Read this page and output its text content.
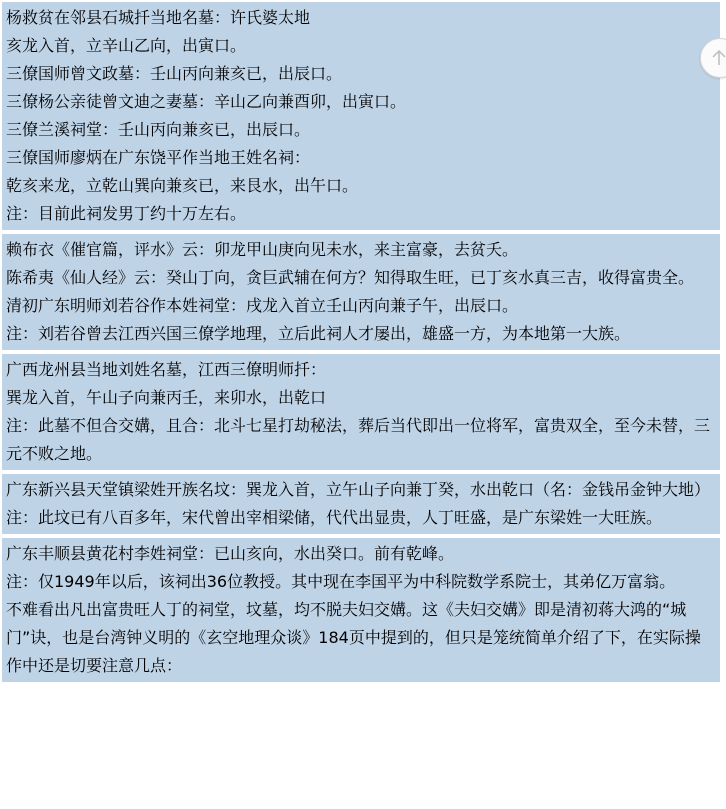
杨救贫在邻县石城扦当地名墓：许氏婆太地
亥龙入首，立辛山乙向，出寅口。
三僚国师曾文政墓：壬山丙向兼亥已，出辰口。
三僚杨公亲徒曾文迪之妻墓：辛山乙向兼酉卯，出寅口。
三僚兰溪祠堂：壬山丙向兼亥已，出辰口。
三僚国师廖炳在广东饶平作当地王姓名祠：
乾亥来龙，立乾山巽向兼亥已，来艮水，出午口。
注：目前此祠发男丁约十万左右。
赖布衣《催官篇，评水》云：卯龙甲山庚向见未水，来主富豪，去贫夭。
陈希夷《仙人经》云：癸山丁向，贪巨武辅在何方？知得取生旺，已丁亥水真三吉，收得富贵全。
清初广东明师刘若谷作本姓祠堂：戌龙入首立壬山丙向兼子午，出辰口。
注：刘若谷曾去江西兴国三僚学地理，立后此祠人才屡出，雄盛一方，为本地第一大族。
广西龙州县当地刘姓名墓，江西三僚明师扦：
巽龙入首，午山子向兼丙壬，来卯水，出乾口
注：此墓不但合交媾，且合：北斗七星打劫秘法，葬后当代即出一位将军，富贵双全，至今未替，三元不败之地。
广东新兴县天堂镇梁姓开族名坟：巽龙入首，立午山子向兼丁癸，水出乾口（名：金钱吊金钟大地）
注：此坟已有八百多年，宋代曾出宰相梁储，代代出显贵，人丁旺盛，是广东梁姓一大旺族。
广东丰顺县黄花村李姓祠堂：已山亥向，水出癸口。前有乾峰。
注：仅1949年以后，该祠出36位教授。其中现在李国平为中科院数学系院士，其弟亿万富翁。
不难看出凡出富贵旺人丁的祠堂，坟墓，均不脱夫妇交媾。这《夫妇交媾》即是清初蒋大鸿的“城门”诀，也是台湾钟义明的《玄空地理众谈》184页中提到的，但只是笼统简单介绍了下，在实际操作中还是切要注意几点：
